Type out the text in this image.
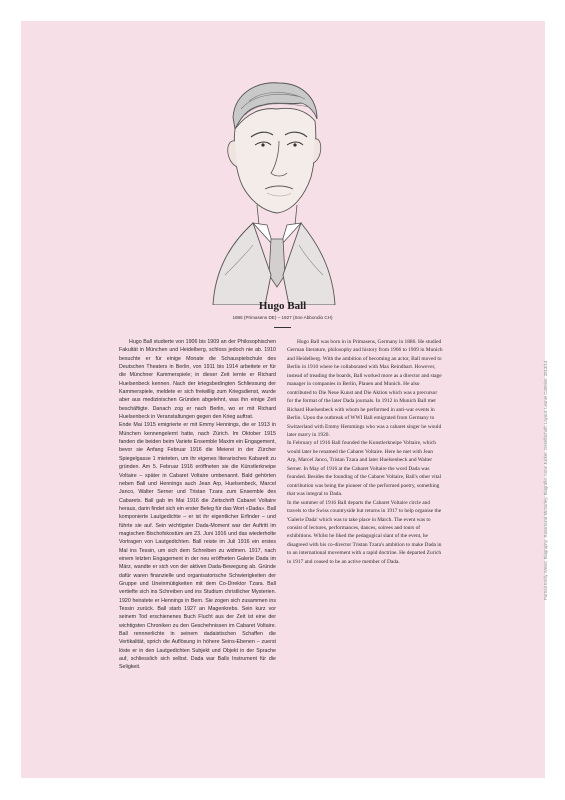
Hugo Ball
1886 (Primasens DE) – 1927 (Sne Abbondio CH)

Hugo Ball studierte von 1906 bis 1909 an der Philosophischen Fakultät in München und Heidelberg, schloss jedoch nie ab. 1910 besuchte er für einige Monate die Schauspielschule des Deutschen Theaters in Berlin, von 1911 bis 1914 arbeitete er für die Münchner Kammerspiele; in dieser Zeit lernte er Richard Huelsenbeck kennen. Nach der kriegsbedingten Schliessung der Kammerspiele, meldete er sich freiwillig zum Kriegsdienst, wurde aber aus medizinischen Gründen abgelehnt, was ihn einige Zeit beschäftigte. Danach zog er nach Berlin, wo er mit Richard Huelsenbeck in Veranstaltungen gegen den Krieg auftrat.

Ende Mai 1915 emigrierte er mit Emmy Hennings, die er 1913 in München kennengelernt hatte, nach Zürich. Im Oktober 1915 fanden die beiden beim Variete Ensemble Maxim ein Engagement, bevor sie Anfang Februar 1916 die Meierei in der Zürcher Spiegelgasse 1 mieteten, um ihr eigenes literarisches Kabarett zu gründen. Am 5. Februar 1916 eröffneten sie die Künstlerkneipe Voltaire – später in Cabaret Voltaire umbenannt. Bald gehörten neben Ball und Hennings auch Jean Arp, Huelsenbeck, Marcel Janco, Walter Serner und Tristan Tzara zum Ensemble des Cabarets. Ball gab im Mai 1916 die Zeitschrift Cabaret Voltaire heraus, darin findet sich ein erster Beleg für das Wort «Dada». Ball komponierte Lautgedichte – er ist ihr eigentlicher Erfinder – und führte sie auf. Sein wichtigster Dada-Moment war der Auftritt im magischen Bischofskostüm am 23. Juni 1916 und das wiederholte Vortragen von Lautgedichten. Ball reiste im Juli 1916 ein erstes Mal ins Tessin, um sich dem Schreiben zu widmen. 1917, nach einem letzten Engagement in der neu eröffneten Galerie Dada im März, wandte er sich von der aktiven Dada-Bewegung ab. Gründe dafür waren finanzielle und organisatorische Schwierigkeiten der Gruppe und Uneinmütigkeiten mit dem Co-Direktor Tzara. Ball vertiefte sich ins Schreiben und ins Studium christlicher Mysterien. 1920 heiratete er Hennings in Bern. Sie zogen sich zusammen ins Tessin zurück. Ball starb 1927 an Magenkrebs. Sein kurz vor seinem Tod erschienenes Buch Flucht aus der Zeit ist eine der wichtigsten Chroniken zu den Geschehnissen im Cabaret Voltaire. Ball rennnerlichte in seinem dadaistischen Schaffen die Vertikalität, sprich die Auflösung in höhere Seins-Ebenen – zuerst löste er in den Lautgedichten Subjekt und Objekt in der Sprache auf, schliesslich sich selbst. Dada war Balls Instrument für die Seligkeit.

Hugo Ball was born in in Primasens, Germany in 1886. He studied German literature, philosophy and history from 1906 to 1909 in Munich and Heidelberg. With the ambition of becoming an actor, Ball moved to Berlin in 1910 where he collaborated with Max Reindhart. However, instead of treading the boards, Ball worked more as a director and stage manager in companies in Berlin, Plauen and Munich. He also contributed to Die Neue Kunst and Die Aktion which was a precursor for the format of the later Dada journals. In 1912 in Munich Ball met Richard Huelsenbeck with whom he performed in anti-war events in Berlin. Upon the outbreak of WWI Ball emigrated from Germany to Switzerland with Emmy Hemmings who was a cabaret singer he would later marry in 1920.

In February of 1916 Ball founded the Kunstlerkneipe Voltaire, which would later be renamed the Cabaret Voltaire. Here he met with Jean Arp, Marcel Janco, Tristan Tzara and later Huelsenbeck and Walter Serner. In May of 1916 at the Cabaret Voltaire the word Dada was founded. Besides the founding of the Cabaret Voltaire, Ball's other vital contribution was being the pioneer of the performed poetry, something that was integral to Dada.

In the summer of 1916 Ball departs the Cabaret Voltaire circle and travels to the Swiss countryside but returns in 1917 to help organise the 'Galerie Dada' which was to take place in March. The event was to consist of lectures, performances, dances, soirees and tours of exhibitions. Whilst he liked the pedagogical slant of the event, he disagreed with his co-director Tristan Tzara's ambition to make Dada in to an international movement with a rapid doctrine. He departed Zurich in 1917 and ceased to be an active member of Dada.	Portrait Emily Weiss; Biography: Rosamund McSorley; Biografie: Anne Jucker, Gesellschaft; Layout: Leonie Cattelan; 2013/14
